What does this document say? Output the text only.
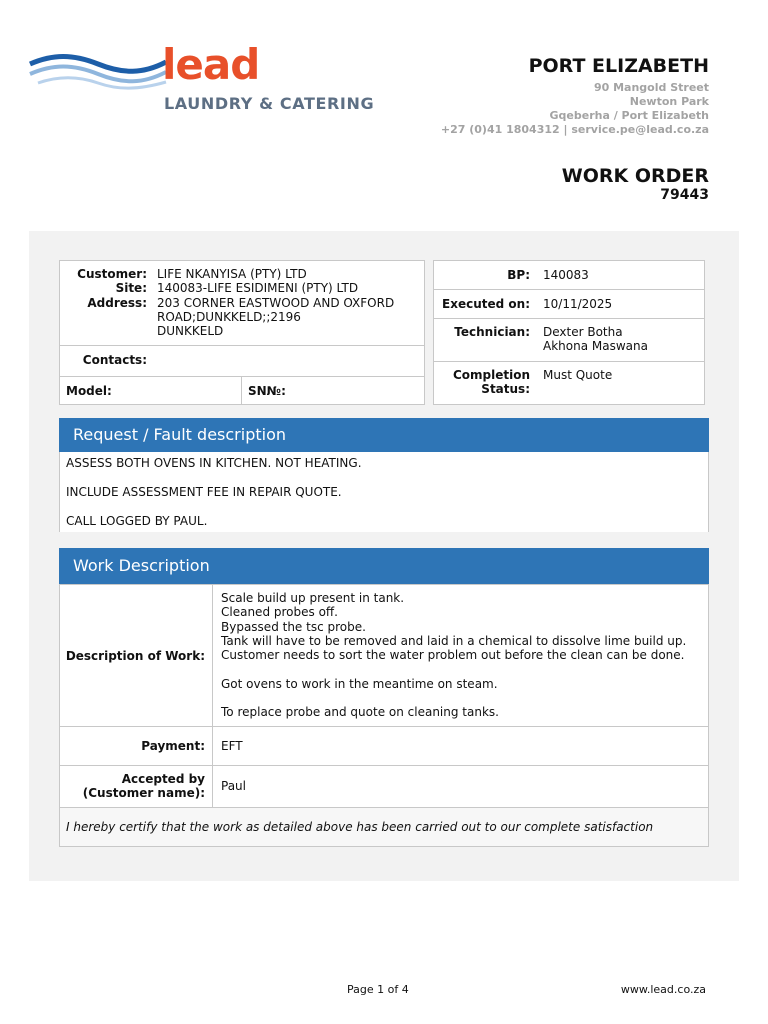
lead
LAUNDRY & CATERING
PORT ELIZABETH
90 Mangold Street
Newton Park
Gqeberha / Port Elizabeth
+27 (0)41 1804312 | service.pe@lead.co.za
WORK ORDER
79443
Customer: LIFE NKANYISA (PTY) LTD
Site: 140083-LIFE ESIDIMENI (PTY) LTD
Address: 203 CORNER EASTWOOD AND OXFORD
ROAD;DUNKKELD;;2196
DUNKKELD
Contacts:
Model:	SN№:
BP: 140083
Executed on: 10/11/2025
Technician: Dexter Botha
Akhona Maswana
Completion
Status:
Must Quote
Request / Fault description
ASSESS BOTH OVENS IN KITCHEN. NOT HEATING.
INCLUDE ASSESSMENT FEE IN REPAIR QUOTE.
CALL LOGGED BY PAUL.
Work Description
Description of Work:
Scale build up present in tank.
Cleaned probes off.
Bypassed the tsc probe.
Tank will have to be removed and laid in a chemical to dissolve lime build up.
Customer needs to sort the water problem out before the clean can be done.
Got ovens to work in the meantime on steam.
To replace probe and quote on cleaning tanks.
Payment: EFT
Accepted by
(Customer name): Paul
I hereby certify that the work as detailed above has been carried out to our complete satisfaction
Page 1 of 4	www.lead.co.za
